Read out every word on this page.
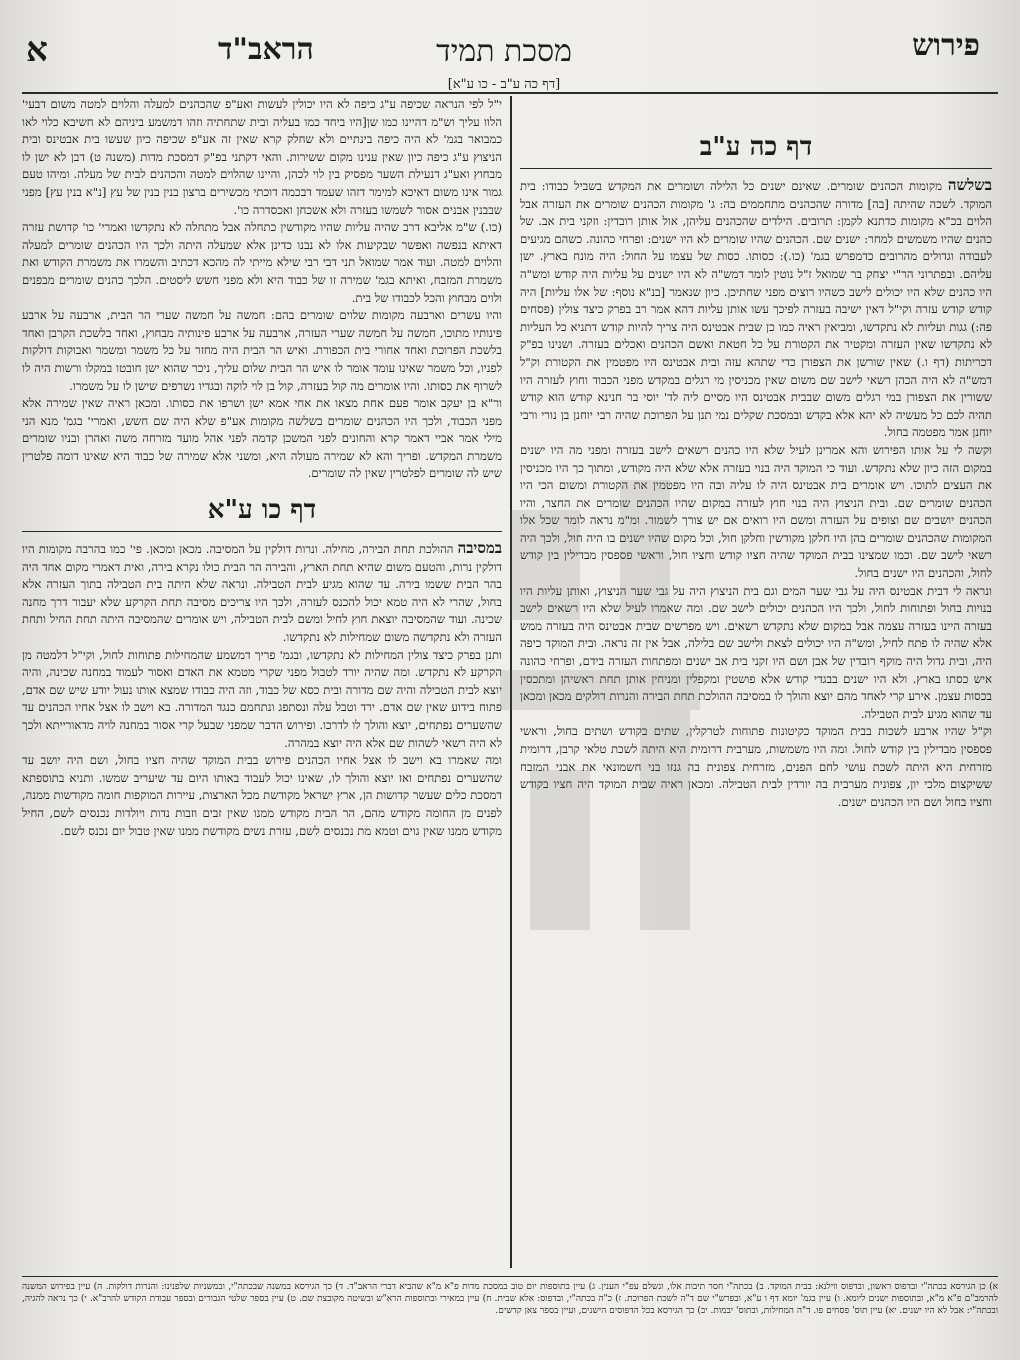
א	הראב"ד	מסכת תמיד
[דף כה ע"ב - כו ע"א]
פירוש
דף כה ע"ב

בשלשה מקומות הכהנים שומרים. שאינם ישנים כל הלילה ושומרים את המקדש בשביל כבודו: בית המוקד. לשכה שהיתה [בה] מדורה שהכהנים מתחממים בה: ג' מקומות הכהנים שומרים את העזרה אבל הלוים בכ"א מקומות כדתנא לקמן: תרובים. הילדים שהכהנים עליהן, אול אותן רובדין: וזקני בית אב. של כהנים שהיו משמשים למחר: ישנים שם. הכהנים שהיו שומרים לא היו ישנים: ופרחי כהונה. כשהם מגיעים לעבודה וגדולים מהרובים כדמפרש בגמ' (כו.): כסותו. כסות של עצמו על החול: היה מונח בארץ. ישן עליהם. ובפתרוני הר"י יצחק בר שמואל ז"ל נוטין לומר דמש"ה לא היו ישנים על עליות היה קודש ומש"ה היו כהנים שלא היו יכולים לישב כשהיו רוצים מפני שחתיכן. כיון שנאמר [בנ"א נוסף: של אלו עליות] היה קודש קודש עזרה וקי"ל דאין ישיבה בעזרה לפיכך עשו אותן עליות דהא אמר רב בפרק כיצד צולין (פסחים פה:) גגות ועליות לא נתקדשו, ומביאין ראיה כמו כן שבית אבטינס היה צריך להיות קודש דתניא כל העליות לא נתקדשו שאין העזרה ומקטיר את הקטורת על כל חטאת ואשם הכהנים ואכלים בעזרה. ושנינו בפ"ק דכריתות (דף ו.) שאין שורשן את הצפורן כדי שתהא עזה ובית אבטינס היו מפטמין את הקטורת וק"ל דמש"ה לא היה הכהן רשאי לישב שם משום שאין מכניסין מי רגלים במקדש מפני הכבוד וחוץ לעזרה היו ששורין את הצפורן במי רגלים משום שבבית אבטינס היו מסיים ליה לד' יוסי בר חנינא קודש הוא קודש תהיה לכם כל מעשיה לא יהא אלא בקדש ובמסכת שקלים נמי תנן על הפרוכת שהיה רבי יוחנן בן נורי ורבי יוחנן אמר מפטמה בחול.

וקשה לי על אותו הפירוש והא אמרינן לעיל שלא היו כהנים רשאים לישב בעזרה ומפני מה היו ישנים במקום הזה כיון שלא נתקדש. ועוד כי המוקד היה בנוי בעזרה אלא שלא היה מקודש, ומתוך כך היו מכניסין את העצים לתוכו. ויש אומרים בית אבטינס היה לו עליה ובה היו מפטמין את הקטורת ומשום הכי היו הכהנים שומרים שם. ובית הניצוץ היה בנוי חוץ לעזרה במקום שהיו הכהנים שומרים את החצר, והיו הכהנים יושבים שם וצופים על העזרה ומשם היו רואים אם יש צורך לשמור. ומ"מ נראה לומר שכל אלו המקומות שהכהנים שומרים בהן היו חלקן מקודשין וחלקן חול, וכל מקום שהיו ישנים בו היה חול, ולכך היה רשאי לישב שם. וכמו שמצינו בבית המוקד שהיה חציו קודש וחציו חול, וראשי פספסין מבדילין בין קודש לחול, והכהנים היו ישנים בחול.

ונראה לי דבית אבטינס היה על גבי שער המים וגם בית הניצוץ היה על גבי שער הניצוץ, ואותן עליות היו בנויות בחול ופתוחות לחול, ולכך היו הכהנים יכולים לישב שם. ומה שאמרו לעיל שלא היו רשאים לישב בעזרה היינו בעזרה עצמה אבל במקום שלא נתקדש רשאים. ויש מפרשים שבית אבטינס היה בעזרה ממש אלא שהיה לו פתח לחיל, ומש"ה היו יכולים לצאת ולישב שם בלילה, אבל אין זה נראה. ובית המוקד כיפה היה, ובית גדול היה מוקף רובדין של אבן ושם היו זקני בית אב ישנים ומפתחות העזרה בידם, ופרחי כהונה איש כסתו בארץ. ולא היו ישנים בבגדי קודש אלא פושטין ומקפלין ומניחין אותן תחת ראשיהן ומתכסין בכסות עצמן. אירע קרי לאחד מהם יוצא והולך לו במסיבה ההולכת תחת הבירה והנרות דולקים מכאן ומכאן עד שהוא מגיע לבית הטבילה.

וק"ל שהיו ארבע לשכות בבית המוקד כקיטונות פתוחות לטרקלין, שתים בקודש ושתים בחול, וראשי פספסין מבדילין בין קודש לחול. ומה היו משמשות, מערבית דרומית היא היתה לשכת טלאי קרבן, דרומית מזרחית היא היתה לשכת עושי לחם הפנים, מזרחית צפונית בה גנזו בני חשמונאי את אבני המזבח ששיקצום מלכי יון, צפונית מערבית בה יורדין לבית הטבילה. ומכאן ראיה שבית המוקד היה חציו בקודש וחציו בחול ושם היו הכהנים ישנים.

י"ל לפי הנראה שכיפה ע"ג כיפה לא היו יכולין לעשות ואע"פ שהכהנים למעלה והלוים למטה משום דבעי' הלוו עליך וש"מ דהיינו כמו שן[היו ביחד כמו בעליה ובית שתחתיה וזהו דמשמע ביניהם לא חשיבא כלוי לאו כמבואר בגמ' לא היה כיפה בינתיים ולא שחלק קרא שאין זה אע"פ שכיפה כיון שעשו בית אבטינס ובית הניצוץ ע"ג כיפה כיון שאין ענינו מקום ששירות. והאי דקתני בפ"ק דמסכת מדות (משנה ט) דבן לא ישן לו מבחוץ ואע"ג דנעילת השער מפסיק בין לוי לכהן, והיינו שהלוים למטה והכהנים לבית של מעלה. ומיהו טעם גמור אינו משום דאיכא למימר דזהו שעמד דבכמה דוכתי מכשירים ברצון בנין בנין של עץ [נ"א בנין עץ] מפני שבבנין אבנים אסור לשמשו בעזרה ולא אשכחן ואכסדרה כו'.

(כו.) ש"מ אליבא דרב שהיה עליות שהיו מקודשין כתחלה אבל מתחלה לא נתקדשו ואמרי' כו' קדושת עזרה דאיתא בנפשה ואפשר שבקיעות אלו לא נבנו כדינן אלא שמעלה היתה ולכך היו הכהנים שומרים למעלה והלוים למטה. ועוד אמר שמואל תני דבי רבי שילא מייתי לה מהכא דכתיב והשמרו את משמרת הקודש ואת משמרת המזבח, ואיתא בגמ' שמירה זו של כבוד היא ולא מפני חשש ליסטים. הלכך כהנים שומרים מבפנים ולוים מבחוץ והכל לכבודו של בית.

והיו עשרים וארבעה מקומות שלוים שומרים בהם: חמשה על חמשה שערי הר הבית, ארבעה על ארבע פינותיו מתוכו, חמשה על חמשה שערי העזרה, ארבעה על ארבע פינותיה מבחוץ, ואחד בלשכת הקרבן ואחד בלשכת הפרוכת ואחד אחורי בית הכפורת. ואיש הר הבית היה מחזר על כל משמר ומשמר ואבוקות דולקות לפניו, וכל משמר שאינו עומד אומר לו איש הר הבית שלום עליך, ניכר שהוא ישן חובטו במקלו ורשות היה לו לשרוף את כסותו. והיו אומרים מה קול בעזרה, קול בן לוי לוקה ובגדיו נשרפים שישן לו על משמרו.

ור"א בן יעקב אומר פעם אחת מצאו את אחי אמא ישן ושרפו את כסותו. ומכאן ראיה שאין שמירה אלא מפני הכבוד, ולכך היו הכהנים שומרים בשלשה מקומות אע"פ שלא היה שם חשש, ואמרי' בגמ' מנא הני מילי אמר אביי דאמר קרא והחונים לפני המשכן קדמה לפני אהל מועד מזרחה משה ואהרן ובניו שומרים משמרת המקדש. ופריך והא לא שמירה מעולה היא, ומשני אלא שמירה של כבוד היא שאינו דומה פלטרין שיש לה שומרים לפלטרין שאין לה שומרים.

דף כו ע"א

במסיבה ההולכת תחת הבירה, מחילה. ונרות דולקין על המסיבה. מכאן ומכאן. פי' כמו בהרבה מקומות היו דולקין נרות, והטעם משום שהיא תחת הארץ, והבירה הר הבית כולו נקרא בירה, ואית דאמרי מקום אחד היה בהר הבית ששמו בירה. עד שהוא מגיע לבית הטבילה. ונראה שלא היתה בית הטבילה בתוך העזרה אלא בחול, שהרי לא היה טמא יכול להכנס לעזרה, ולכך היו צריכים מסיבה תחת הקרקע שלא יעבור דרך מחנה שכינה. ועוד שהמסיבה יוצאת חוץ לחיל ומשם לבית הטבילה, ויש אומרים שהמסיבה היתה תחת החיל ותחת העזרה ולא נתקדשה משום שמחילות לא נתקדשו.

ותנן בפרק כיצד צולין המחילות לא נתקדשו, ובגמ' פריך דמשמע שהמחילות פתוחות לחול, וקי"ל דלמטה מן הקרקע לא נתקדש. ומה שהיה יורד לטבול מפני שקרי מטמא את האדם ואסור לעמוד במחנה שכינה, והיה יוצא לבית הטבילה והיה שם מדורה ובית כסא של כבוד, וזה היה כבודו שמצא אותו נעול יודע שיש שם אדם, פתוח בידוע שאין שם אדם. ירד וטבל עלה ונסתפג ונתחמם כנגד המדורה. בא וישב לו אצל אחיו הכהנים עד שהשערים נפתחים, יוצא והולך לו לדרכו. ופירוש הדבר שמפני שבעל קרי אסור במחנה לויה מדאורייתא ולכך לא היה רשאי לשהות שם אלא היה יוצא במהרה.

ומה שאמרו בא וישב לו אצל אחיו הכהנים פירוש בבית המוקד שהיה חציו בחול, ושם היה יושב עד שהשערים נפתחים ואז יוצא והולך לו, שאינו יכול לעבוד באותו היום עד שיעריב שמשו. ותניא בתוספתא דמסכת כלים שעשר קדושות הן, ארץ ישראל מקודשת מכל הארצות, עיירות המוקפות חומה מקודשות ממנה, לפנים מן החומה מקודש מהם, הר הבית מקודש ממנו שאין זבים וזבות נדות ויולדות נכנסים לשם, החיל מקודש ממנו שאין גוים וטמא מת נכנסים לשם, עזרת נשים מקודשת ממנו שאין טבול יום נכנס לשם.

א) כן הגירסא בכתה"י ובדפוס ראשון, ובדפוס ווילנא: בבית המוקד. ב) בכתה"י חסר תיבות אלו, ונשלם עפ"י הענין. ג) עיין בתוספות יום טוב במסכת מדות פ"א מ"א שהביא דברי הראב"ד. ד) כך הגירסא במשנה שבכתה"י, ובמשניות שלפנינו: והנרות דולקות. ה) עיין בפירוש המשנה להרמב"ם פ"א מ"א, ובתוספות ישנים ליומא. ו) עיין בגמ' יומא דף ו ע"א, ובפרש"י שם ד"ה לשכת הפרוכת. ז) כ"ה בכתה"י, ובדפוס: אלא שבית. ח) עיין במאירי ובתוספות הרא"ש ובשיטה מקובצת שם. ט) עיין בספר שלטי הגבורים ובספר עבודת הקודש להרב"א. י) כך נראה להגיה, ובכתה"י: אבל לא היו ישנים. יא) עיין תוס' פסחים פו. ד"ה המחילות, ובתוס' יבמות. יב) כך הגירסא בכל הדפוסים הישנים, ועיין בספר צאן קדשים.
